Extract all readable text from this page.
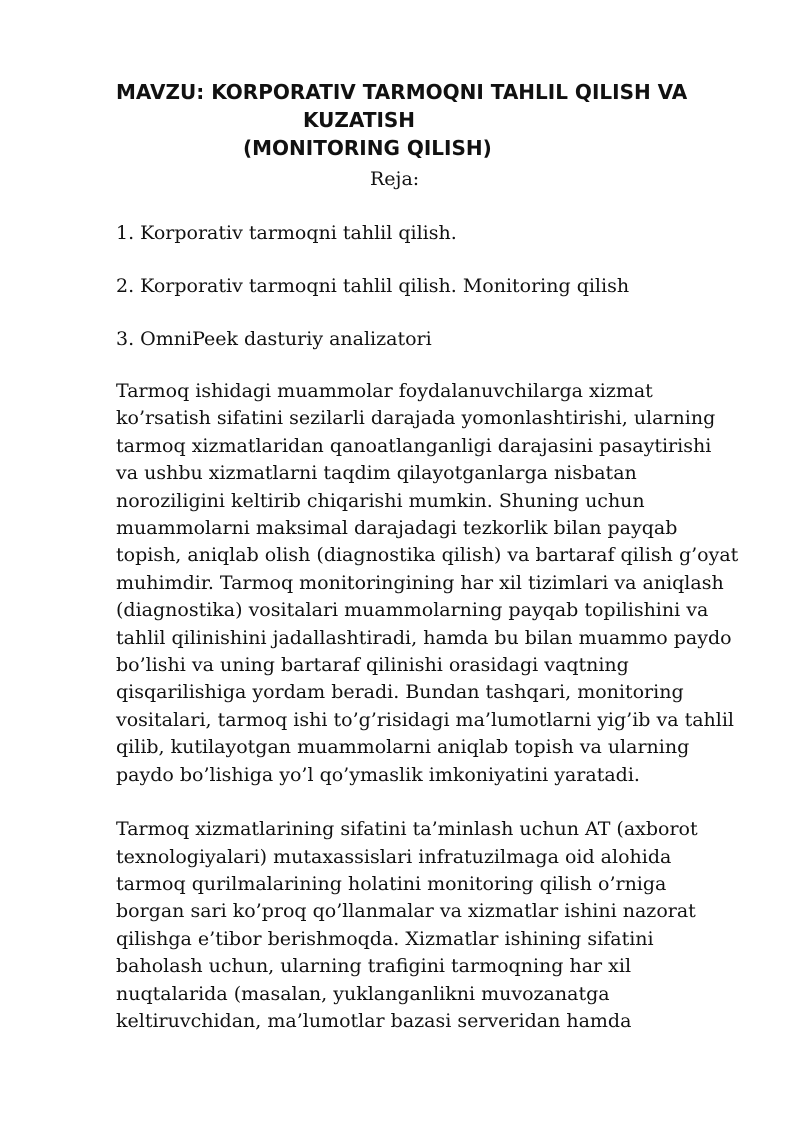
MAVZU: KORPORATIV TARMOQNI TAHLIL QILISH VA
KUZATISH
(MONITORING QILISH)
Reja:
1. Korporativ tarmoqni tahlil qilish.
2. Korporativ tarmoqni tahlil qilish. Monitoring qilish
3. OmniPeek dasturiy analizatori

Tarmoq ishidagi muammolar foydalanuvchilarga xizmat
ko’rsatish sifatini sezilarli darajada yomonlashtirishi, ularning
tarmoq xizmatlaridan qanoatlanganligi darajasini pasaytirishi
va ushbu xizmatlarni taqdim qilayotganlarga nisbatan
noroziligini keltirib chiqarishi mumkin. Shuning uchun
muammolarni maksimal darajadagi tezkorlik bilan payqab
topish, aniqlab olish (diagnostika qilish) va bartaraf qilish g’oyat
muhimdir. Tarmoq monitoringining har xil tizimlari va aniqlash
(diagnostika) vositalari muammolarning payqab topilishini va
tahlil qilinishini jadallashtiradi, hamda bu bilan muammo paydo
bo’lishi va uning bartaraf qilinishi orasidagi vaqtning
qisqarilishiga yordam beradi. Bundan tashqari, monitoring
vositalari, tarmoq ishi to’g’risidagi ma’lumotlarni yig’ib va tahlil
qilib, kutilayotgan muammolarni aniqlab topish va ularning
paydo bo’lishiga yo’l qo’ymaslik imkoniyatini yaratadi.

Tarmoq xizmatlarining sifatini ta’minlash uchun AT (axborot
texnologiyalari) mutaxassislari infratuzilmaga oid alohida
tarmoq qurilmalarining holatini monitoring qilish o’rniga
borgan sari ko’proq qo’llanmalar va xizmatlar ishini nazorat
qilishga e’tibor berishmoqda. Xizmatlar ishining sifatini
baholash uchun, ularning trafigini tarmoqning har xil
nuqtalarida (masalan, yuklanganlikni muvozanatga
keltiruvchidan, ma’lumotlar bazasi serveridan hamda
